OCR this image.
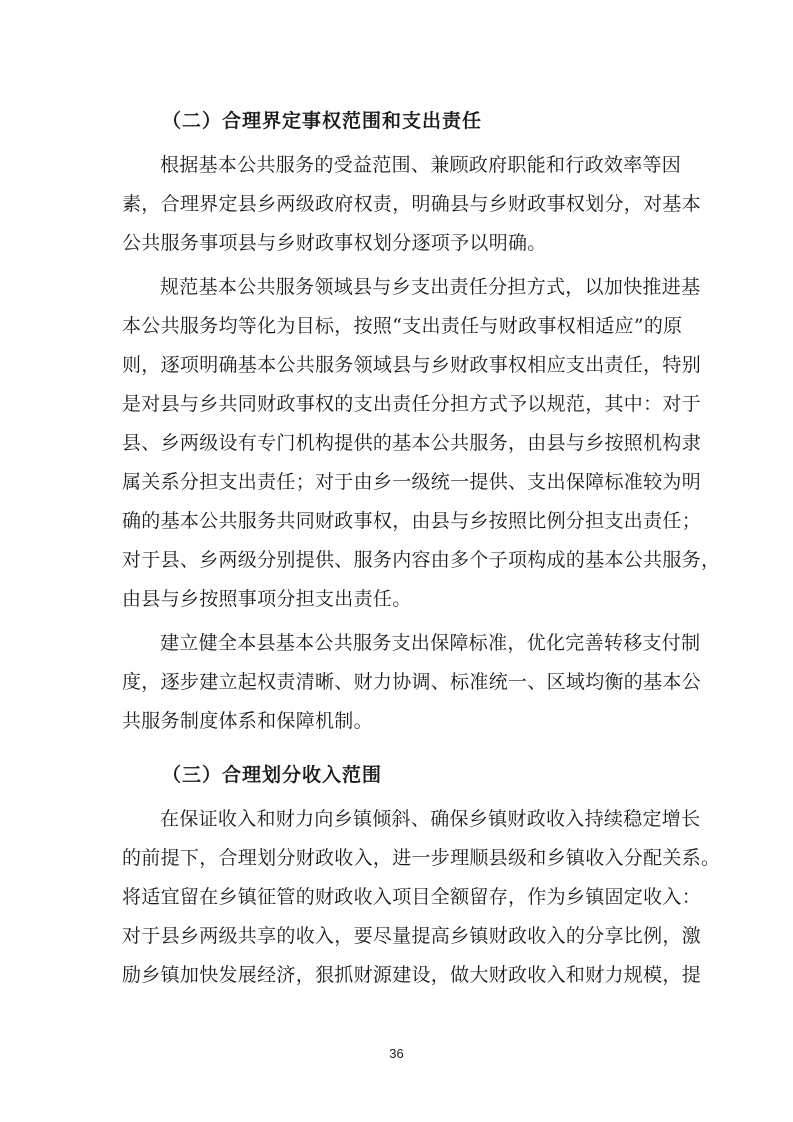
（二）合理界定事权范围和支出责任
根据基本公共服务的受益范围、兼顾政府职能和行政效率等因
素，合理界定县乡两级政府权责，明确县与乡财政事权划分，对基本
公共服务事项县与乡财政事权划分逐项予以明确。
规范基本公共服务领域县与乡支出责任分担方式，以加快推进基
本公共服务均等化为目标，按照“支出责任与财政事权相适应”的原
则，逐项明确基本公共服务领域县与乡财政事权相应支出责任，特别
是对县与乡共同财政事权的支出责任分担方式予以规范，其中：对于
县、乡两级设有专门机构提供的基本公共服务，由县与乡按照机构隶
属关系分担支出责任；对于由乡一级统一提供、支出保障标准较为明
确的基本公共服务共同财政事权，由县与乡按照比例分担支出责任；
对于县、乡两级分别提供、服务内容由多个子项构成的基本公共服务，
由县与乡按照事项分担支出责任。
建立健全本县基本公共服务支出保障标准，优化完善转移支付制
度，逐步建立起权责清晰、财力协调、标准统一、区域均衡的基本公
共服务制度体系和保障机制。
（三）合理划分收入范围
在保证收入和财力向乡镇倾斜、确保乡镇财政收入持续稳定增长
的前提下，合理划分财政收入，进一步理顺县级和乡镇收入分配关系。
将适宜留在乡镇征管的财政收入项目全额留存，作为乡镇固定收入：
对于县乡两级共享的收入，要尽量提高乡镇财政收入的分享比例，激
励乡镇加快发展经济，狠抓财源建设，做大财政收入和财力规模，提
36
